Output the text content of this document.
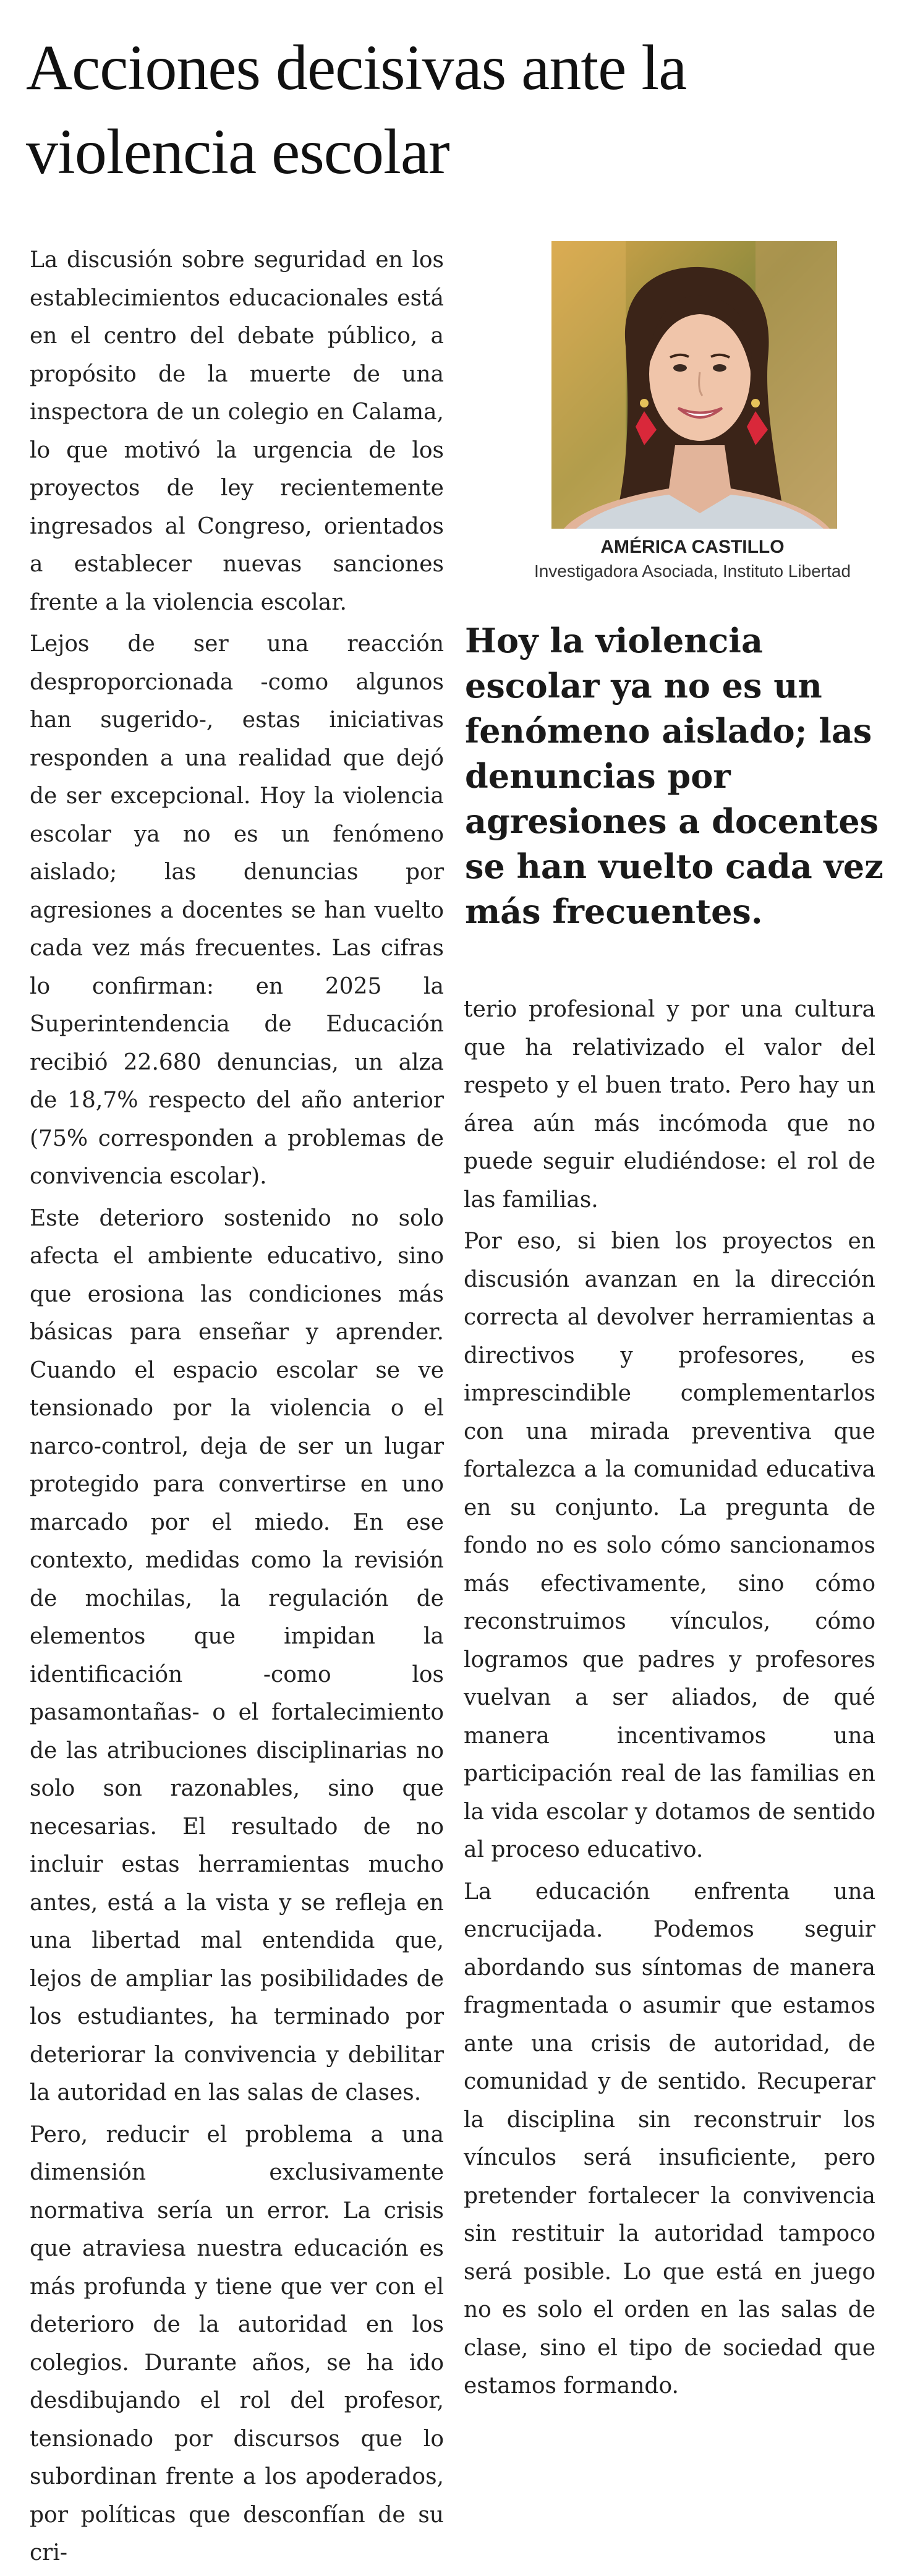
Acciones decisivas ante la violencia escolar

La discusión sobre seguridad en los establecimientos educacionales está en el centro del debate público, a propósito de la muerte de una inspectora de un colegio en Calama, lo que motivó la urgencia de los proyectos de ley recientemente ingresados al Congreso, orientados a establecer nuevas sanciones frente a la violencia escolar.

Lejos de ser una reacción desproporcionada -como algunos han sugerido-, estas iniciativas responden a una realidad que dejó de ser excepcional. Hoy la violencia escolar ya no es un fenómeno aislado; las denuncias por agresiones a docentes se han vuelto cada vez más frecuentes. Las cifras lo confirman: en 2025 la Superintendencia de Educación recibió 22.680 denuncias, un alza de 18,7% respecto del año anterior (75% corresponden a problemas de convivencia escolar).

Este deterioro sostenido no solo afecta el ambiente educativo, sino que erosiona las condiciones más básicas para enseñar y aprender. Cuando el espacio escolar se ve tensionado por la violencia o el narco-control, deja de ser un lugar protegido para convertirse en uno marcado por el miedo. En ese contexto, medidas como la revisión de mochilas, la regulación de elementos que impidan la identificación -como los pasamontañas- o el fortalecimiento de las atribuciones disciplinarias no solo son razonables, sino que necesarias. El resultado de no incluir estas herramientas mucho antes, está a la vista y se refleja en una libertad mal entendida que, lejos de ampliar las posibilidades de los estudiantes, ha terminado por deteriorar la convivencia y debilitar la autoridad en las salas de clases.

Pero, reducir el problema a una dimensión exclusivamente normativa sería un error. La crisis que atraviesa nuestra educación es más profunda y tiene que ver con el deterioro de la autoridad en los colegios. Durante años, se ha ido desdibujando el rol del profesor, tensionado por discursos que lo subordinan frente a los apoderados, por políticas que desconfían de su cri-

AMÉRICA CASTILLO
Investigadora Asociada, Instituto Libertad
Hoy la violencia escolar ya no es un fenómeno aislado; las denuncias por agresiones a docentes se han vuelto cada vez más frecuentes.

terio profesional y por una cultura que ha relativizado el valor del respeto y el buen trato. Pero hay un área aún más incómoda que no puede seguir eludiéndose: el rol de las familias.

Por eso, si bien los proyectos en discusión avanzan en la dirección correcta al devolver herramientas a directivos y profesores, es imprescindible complementarlos con una mirada preventiva que fortalezca a la comunidad educativa en su conjunto. La pregunta de fondo no es solo cómo sancionamos más efectivamente, sino cómo reconstruimos vínculos, cómo logramos que padres y profesores vuelvan a ser aliados, de qué manera incentivamos una participación real de las familias en la vida escolar y dotamos de sentido al proceso educativo.

La educación enfrenta una encrucijada. Podemos seguir abordando sus síntomas de manera fragmentada o asumir que estamos ante una crisis de autoridad, de comunidad y de sentido. Recuperar la disciplina sin reconstruir los vínculos será insuficiente, pero pretender fortalecer la convivencia sin restituir la autoridad tampoco será posible. Lo que está en juego no es solo el orden en las salas de clase, sino el tipo de sociedad que estamos formando.
